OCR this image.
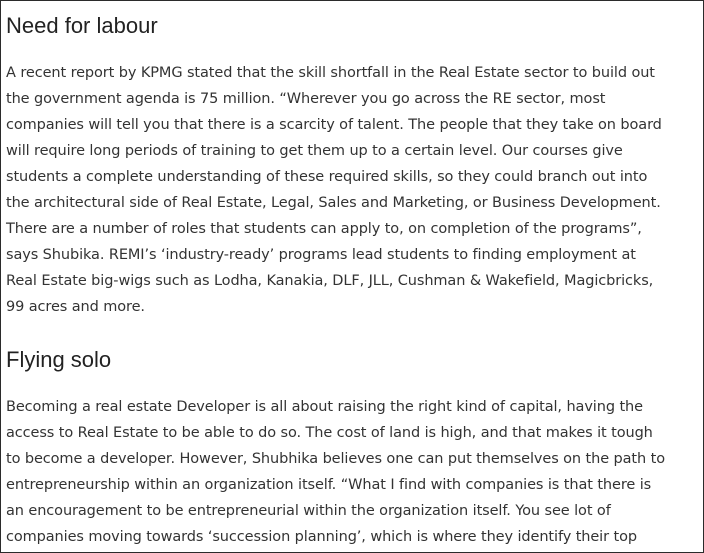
Need for labour

A recent report by KPMG stated that the skill shortfall in the Real Estate sector to build out
the government agenda is 75 million. “Wherever you go across the RE sector, most
companies will tell you that there is a scarcity of talent. The people that they take on board
will require long periods of training to get them up to a certain level. Our courses give
students a complete understanding of these required skills, so they could branch out into
the architectural side of Real Estate, Legal, Sales and Marketing, or Business Development.
There are a number of roles that students can apply to, on completion of the programs”,
says Shubika. REMI’s ‘industry-ready’ programs lead students to finding employment at
Real Estate big-wigs such as Lodha, Kanakia, DLF, JLL, Cushman & Wakefield, Magicbricks,
99 acres and more.

Flying solo

Becoming a real estate Developer is all about raising the right kind of capital, having the
access to Real Estate to be able to do so. The cost of land is high, and that makes it tough
to become a developer. However, Shubhika believes one can put themselves on the path to
entrepreneurship within an organization itself. “What I find with companies is that there is
an encouragement to be entrepreneurial within the organization itself. You see lot of
companies moving towards ‘succession planning’, which is where they identify their top
